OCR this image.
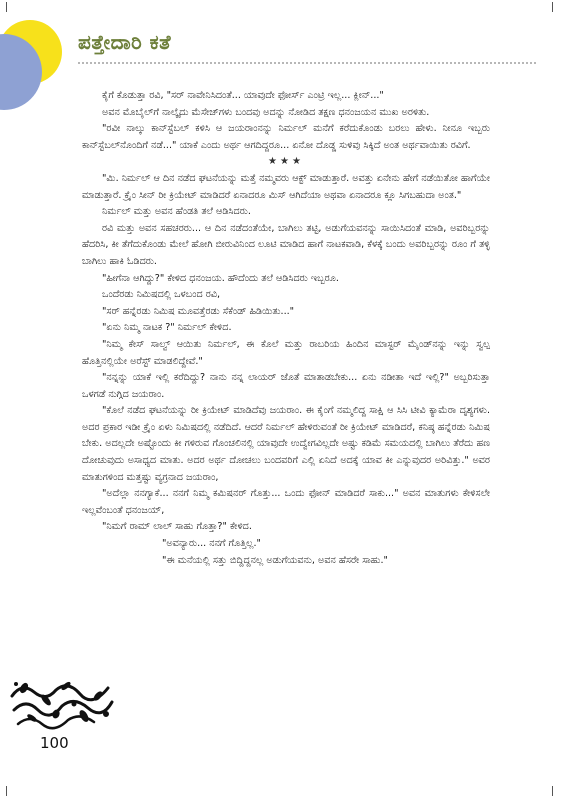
ಪತ್ತೇದಾರಿ ಕತೆ

ಕೈಗೆ ಕೊಡುತ್ತಾ ರವಿ, "ಸರ್ ನಾವೇನಿಸಿದಂತೆ... ಯಾವುದೇ ಫೋರ್ಸ್ ಎಂಟ್ರಿ ಇಲ್ಲ... ಕ್ಲೀನ್..."

ಅವನ ಮೊಬೈಲ್‌ಗೆ ನಾಲ್ಕೈದು ಮೆಸೇಜ್‌ಗಳು ಬಂದವು ಅದನ್ನು ನೋಡಿದ ತಕ್ಷಣ ಧನಂಜಯನ ಮುಖ ಅರಳಿತು.

"ರವೀ ನಾಲ್ಕು ಕಾನ್‌ಸ್ಟೆಬಲ್ ಕಳಿಸಿ ಆ ಜಯರಾಂನನ್ನು ನಿರ್ಮಲ್ ಮನೆಗೆ ಕರೆದುಕೊಂಡು ಬರಲು ಹೇಳು. ನೀನೂ ಇಬ್ಬರು ಕಾನ್‌ಸ್ಟೆಬಲ್‌ನೊಂದಿಗೆ ನಡೆ..." ಯಾಕೆ ಎಂದು ಅರ್ಥ ಆಗದಿದ್ದರೂ... ಏನೋ ದೊಡ್ಡ ಸುಳಿವು ಸಿಕ್ಕಿದೆ ಅಂತ ಅರ್ಥವಾಯಿತು ರವಿಗೆ.

★★★

"ಮಿ. ನಿರ್ಮಲ್ ಆ ದಿನ ನಡೆದ ಘಟನೆಯನ್ನು ಮತ್ತೆ ನಮ್ಮವರು ಆಕ್ಟ್ ಮಾಡುತ್ತಾರೆ. ಅವತ್ತು ಏನೇನು ಹೇಗೆ ನಡೆಯಿತೋ ಹಾಗೆಯೇ ಮಾಡುತ್ತಾರೆ. ಕ್ರೈಂ ಸೀನ್ ರೀ ಕ್ರಿಯೇಟ್ ಮಾಡಿದರೆ ಏನಾದರೂ ಮಿಸ್ ಆಗಿದೆಯಾ ಅಥವಾ ಏನಾದರೂ ಕ್ಲೂ ಸಿಗಬಹುದಾ ಅಂತ."

ನಿರ್ಮಲ್ ಮತ್ತು ಅವನ ಹೆಂಡತಿ ತಲೆ ಆಡಿಸಿದರು.

ರವಿ ಮತ್ತು ಅವನ ಸಹಚರರು... ಆ ದಿನ ನಡೆದಂತೆಯೇ, ಬಾಗಿಲು ತಟ್ಟಿ, ಅಡುಗೆಯವನನ್ನು ಸಾಯಿಸಿದಂತೆ ಮಾಡಿ, ಅವರಿಬ್ಬರನ್ನು ಹೆದರಿಸಿ, ಕೀ ತೆಗೆದುಕೊಂಡು ಮೇಲೆ ಹೋಗಿ ಬೀರುವಿನಿಂದ ಲೂಟಿ ಮಾಡಿದ ಹಾಗೆ ನಾಟಕವಾಡಿ, ಕೆಳಕ್ಕೆ ಬಂದು ಅವರಿಬ್ಬರನ್ನು ರೂಂ ಗೆ ತಳ್ಳಿ ಬಾಗಿಲು ಹಾಕಿ ಓಡಿದರು.

"ಹೀಗೆನಾ ಆಗಿದ್ದು?" ಕೇಳಿದ ಧನಂಜಯ. ಹೌದೆಂದು ತಲೆ ಆಡಿಸಿದರು ಇಬ್ಬರೂ.

ಒಂದೆರಡು ನಿಮಿಷದಲ್ಲಿ ಒಳಬಂದ ರವಿ,

"ಸರ್ ಹನ್ನೆರಡು ನಿಮಿಷ ಮೂವತ್ತೆರಡು ಸೆಕೆಂಡ್ ಹಿಡಿಯಿತು..."

"ಏನು ನಿಮ್ಮ ನಾಟಕ ?" ನಿರ್ಮಲ್ ಕೇಳಿದ.

"ನಿಮ್ಮ ಕೇಸ್ ಸಾಲ್ವ್ ಆಯಿತು ನಿರ್ಮಲ್, ಈ ಕೊಲೆ ಮತ್ತು ರಾಬರಿಯ ಹಿಂದಿನ ಮಾಸ್ಟರ್ ಮೈಂಡ್‌ನನ್ನು ಇನ್ನು ಸ್ವಲ್ಪ ಹೊತ್ತಿನಲ್ಲಿಯೇ ಅರೆಸ್ಟ್ ಮಾಡಲಿದ್ದೇವೆ."

"ನನ್ನನ್ನು ಯಾಕೆ ಇಲ್ಲಿ ಕರೆದಿದ್ದು? ನಾನು ನನ್ನ ಲಾಯರ್ ಜೊತೆ ಮಾತಾಡಬೇಕು... ಏನು ನಡೀತಾ ಇದೆ ಇಲ್ಲಿ?" ಅಬ್ಬರಿಸುತ್ತಾ ಒಳಗಡೆ ನುಗ್ಗಿದ ಜಯರಾಂ.

"ಕೊಲೆ ನಡೆದ ಘಟನೆಯನ್ನು ರೀ ಕ್ರಿಯೇಟ್ ಮಾಡಿದೆವು ಜಯರಾಂ. ಈ ಕೈಂಗೆ ನಮ್ಮಲಿದ್ದ ಸಾಕ್ಷಿ ಆ ಸಿಸಿ ಟೀವಿ ಕ್ಯಾಮೆರಾ ದೃಶ್ಯಗಳು. ಅದರ ಪ್ರಕಾರ ಇಡೀ ಕ್ರೈಂ ಏಳು ನಿಮಿಷದಲ್ಲಿ ನಡೆದಿದೆ. ಆದರೆ ನಿರ್ಮಲ್ ಹೇಳಿರುವಂತೆ ರೀ ಕ್ರಿಯೇಟ್ ಮಾಡಿದರೆ, ಕನಿಷ್ಠ ಹನ್ನೆರಡು ನಿಮಿಷ ಬೇಕು. ಅದಲ್ಲದೇ ಅಷ್ಟೊಂದು ಕೀ ಗಳಿರುವ ಗೊಂಚಲಿನಲ್ಲಿ ಯಾವುದೇ ಉದ್ವೇಗವಿಲ್ಲದೇ ಅಷ್ಟು ಕಡಿಮೆ ಸಮಯದಲ್ಲಿ ಬಾಗಿಲು ತೆರೆದು ಹಣ ದೋಚುವುದು ಅಸಾಧ್ಯದ ಮಾತು. ಅದರ ಅರ್ಥ ದೋಚಲು ಬಂದವರಿಗೆ ಎಲ್ಲಿ ಏನಿದೆ ಅದಕ್ಕೆ ಯಾವ ಕೀ ಎನ್ನುವುದರ ಅರಿವಿತ್ತು." ಅವರ ಮಾತುಗಳಿಂದ ಮತ್ತಷ್ಟು ವ್ಯಗ್ರನಾದ ಜಯರಾಂ,

"ಅದೆಲ್ಲಾ ನನಗ್ಯಾಕೆ... ನನಗೆ ನಿಮ್ಮ ಕಮಿಷನರ್ ಗೊತ್ತು... ಒಂದು ಫೋನ್ ಮಾಡಿದರೆ ಸಾಕು..." ಅವನ ಮಾತುಗಳು ಕೇಳಿಸಲೇ ಇಲ್ಲವೆಂಬಂತೆ ಧನಂಜಯ್,

"ನಿಮಗೆ ರಾಮ್ ಲಾಲ್ ಸಾಹು ಗೊತ್ತಾ?" ಕೇಳಿದ.

"ಅವನ್ಯಾರು... ನನಗೆ ಗೊತ್ತಿಲ್ಲ."

"ಈ ಮನೆಯಲ್ಲಿ ಸತ್ತು ಬಿದ್ದಿದ್ದನಲ್ಲ ಅಡುಗೆಯವನು, ಅವನ ಹೆಸರೇ ಸಾಹು."

100
